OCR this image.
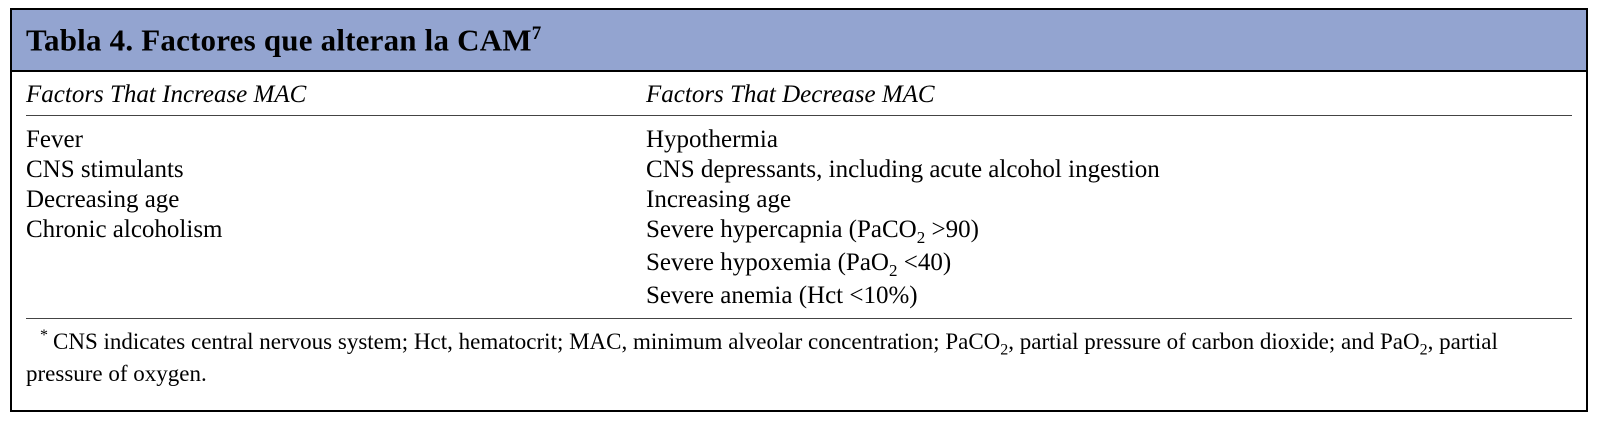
Tabla 4. Factores que alteran la CAM$^7$
Factors That Increase MAC	Factors That Decrease MAC
Fever
CNS stimulants
Decreasing age
Chronic alcoholism
Hypothermia
CNS depressants, including acute alcohol ingestion
Increasing age
Severe hypercapnia (PaCO$_2$ >90)
Severe hypoxemia (PaO$_2$ <40)
Severe anemia (Hct <10%)
* CNS indicates central nervous system; Hct, hematocrit; MAC, minimum alveolar concentration; PaCO$_2$, partial pressure of carbon dioxide; and PaO$_2$, partial pressure of oxygen.
